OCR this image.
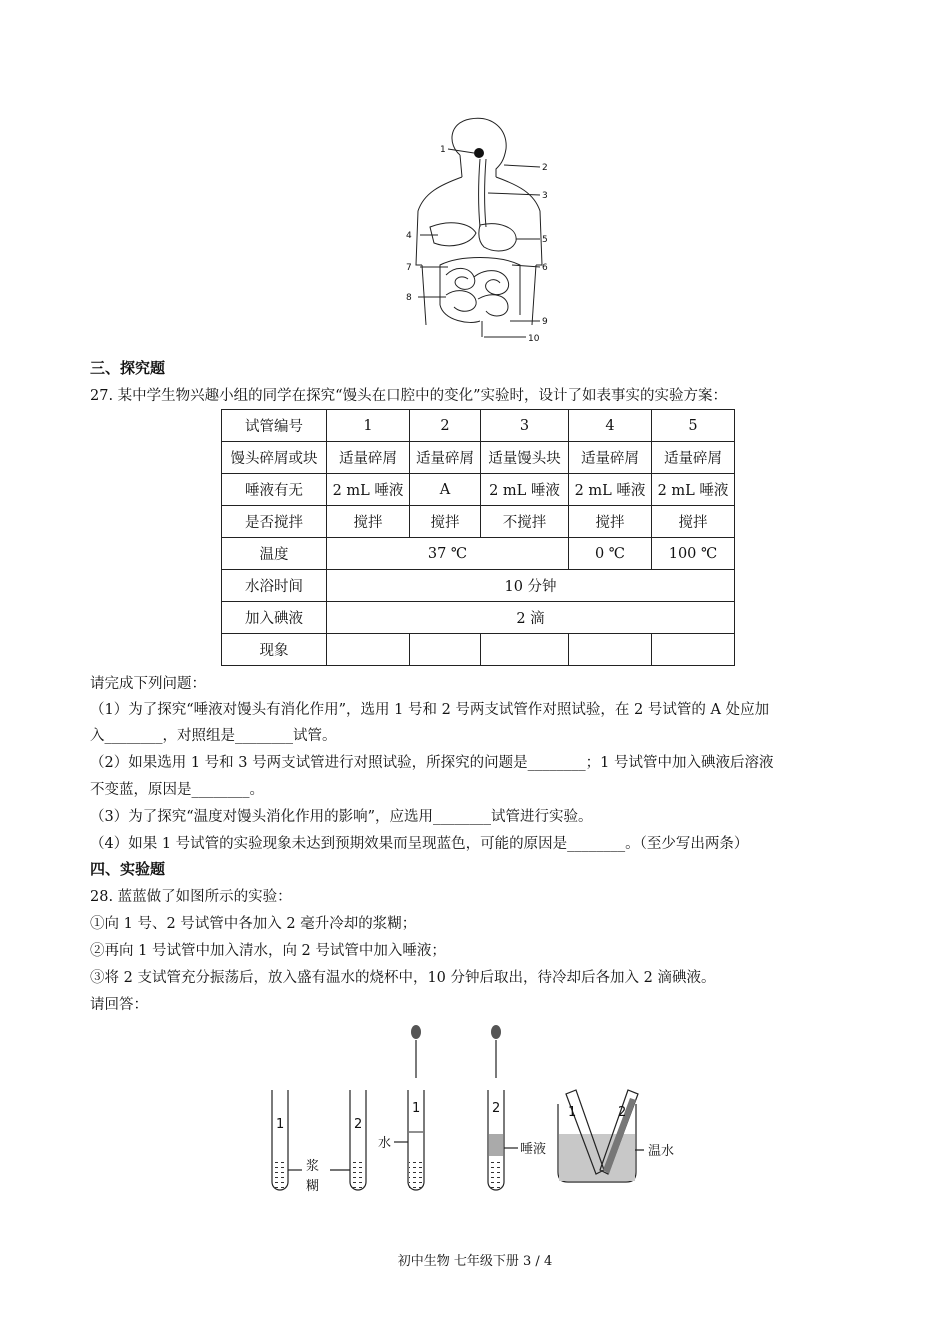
1
2
3
4	5
7	6
8
9
10
三、探究题
27. 某中学生物兴趣小组的同学在探究“馒头在口腔中的变化”实验时，设计了如表事实的实验方案：
试管编号	1	2	3	4	5
馒头碎屑或块	适量碎屑	适量碎屑	适量馒头块	适量碎屑	适量碎屑
唾液有无	2 mL 唾液	A	2 mL 唾液	2 mL 唾液	2 mL 唾液
是否搅拌	搅拌	搅拌	不搅拌	搅拌	搅拌
温度	37 ℃			0 ℃	100 ℃
水浴时间	10 分钟				
加入碘液	2 滴				
现象					
请完成下列问题：
（1）为了探究“唾液对馒头有消化作用”，选用 1 号和 2 号两支试管作对照试验，在 2 号试管的 A 处应加
入________，对照组是________试管。
（2）如果选用 1 号和 3 号两支试管进行对照试验，所探究的问题是________；1 号试管中加入碘液后溶液
不变蓝，原因是________。
（3）为了探究“温度对馒头消化作用的影响”，应选用________试管进行实验。
（4）如果 1 号试管的实验现象未达到预期效果而呈现蓝色，可能的原因是________。（至少写出两条）
四、实验题
28. 蓝蓝做了如图所示的实验：
①向 1 号、2 号试管中各加入 2 毫升冷却的浆糊；
②再向 1 号试管中加入清水，向 2 号试管中加入唾液；
③将 2 支试管充分振荡后，放入盛有温水的烧杯中，10 分钟后取出，待冷却后各加入 2 滴碘液。
请回答：
1	2
1	2	1	2
浆
糊
水	唾液	温水
初中生物 七年级下册 3 / 4
